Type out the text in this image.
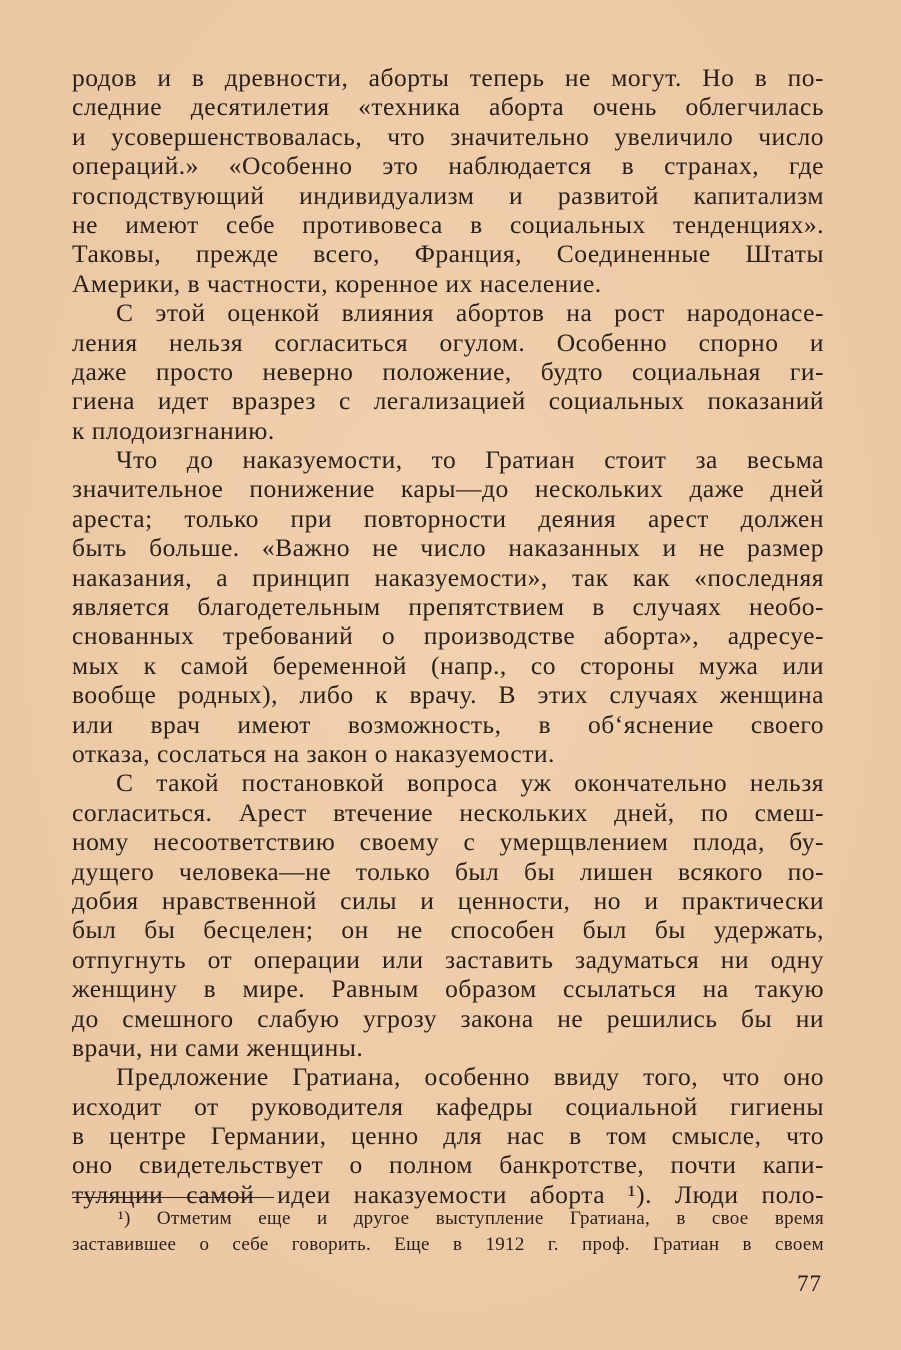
родов и в древности, аборты теперь не могут. Но в по-
следние десятилетия «техника аборта очень облегчилась
и усовершенствовалась, что значительно увеличило число
операций.» «Особенно это наблюдается в странах, где
господствующий индивидуализм и развитой капитализм
не имеют себе противовеса в социальных тенденциях».
Таковы, прежде всего, Франция, Соединенные Штаты
Америки, в частности, коренное их население.
С этой оценкой влияния абортов на рост народонасе-
ления нельзя согласиться огулом. Особенно спорно и
даже просто неверно положение, будто социальная ги-
гиена идет вразрез с легализацией социальных показаний
к плодоизгнанию.
Что до наказуемости, то Гратиан стоит за весьма
значительное понижение кары—до нескольких даже дней
ареста; только при повторности деяния арест должен
быть больше. «Важно не число наказанных и не размер
наказания, а принцип наказуемости», так как «последняя
является благодетельным препятствием в случаях необо-
снованных требований о производстве аборта», адресуе-
мых к самой беременной (напр., со стороны мужа или
вообще родных), либо к врачу. В этих случаях женщина
или врач имеют возможность, в об‘яснение своего
отказа, сослаться на закон о наказуемости.
С такой постановкой вопроса уж окончательно нельзя
согласиться. Арест втечение нескольких дней, по смеш-
ному несоответствию своему с умерщвлением плода, бу-
дущего человека—не только был бы лишен всякого по-
добия нравственной силы и ценности, но и практически
был бы бесцелен; он не способен был бы удержать,
отпугнуть от операции или заставить задуматься ни одну
женщину в мире. Равным образом ссылаться на такую
до смешного слабую угрозу закона не решились бы ни
врачи, ни сами женщины.
Предложение Гратиана, особенно ввиду того, что оно
исходит от руководителя кафедры социальной гигиены
в центре Германии, ценно для нас в том смысле, что
оно свидетельствует о полном банкротстве, почти капи-
туляции самой идеи наказуемости аборта ¹). Люди поло-
¹) Отметим еще и другое выступление Гратиана, в свое время
заставившее о себе говорить. Еще в 1912 г. проф. Гратиан в своем
77
